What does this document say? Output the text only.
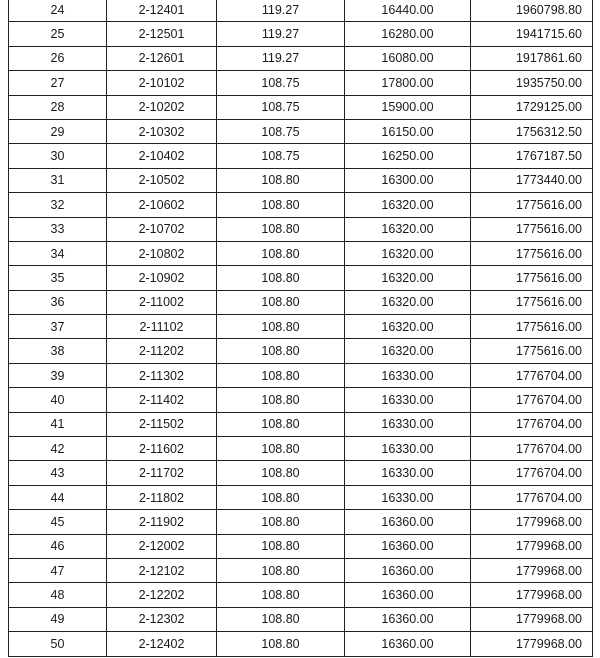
24	2-12401	119.27	16440.00	1960798.80
25	2-12501	119.27	16280.00	1941715.60
26	2-12601	119.27	16080.00	1917861.60
27	2-10102	108.75	17800.00	1935750.00
28	2-10202	108.75	15900.00	1729125.00
29	2-10302	108.75	16150.00	1756312.50
30	2-10402	108.75	16250.00	1767187.50
31	2-10502	108.80	16300.00	1773440.00
32	2-10602	108.80	16320.00	1775616.00
33	2-10702	108.80	16320.00	1775616.00
34	2-10802	108.80	16320.00	1775616.00
35	2-10902	108.80	16320.00	1775616.00
36	2-11002	108.80	16320.00	1775616.00
37	2-11102	108.80	16320.00	1775616.00
38	2-11202	108.80	16320.00	1775616.00
39	2-11302	108.80	16330.00	1776704.00
40	2-11402	108.80	16330.00	1776704.00
41	2-11502	108.80	16330.00	1776704.00
42	2-11602	108.80	16330.00	1776704.00
43	2-11702	108.80	16330.00	1776704.00
44	2-11802	108.80	16330.00	1776704.00
45	2-11902	108.80	16360.00	1779968.00
46	2-12002	108.80	16360.00	1779968.00
47	2-12102	108.80	16360.00	1779968.00
48	2-12202	108.80	16360.00	1779968.00
49	2-12302	108.80	16360.00	1779968.00
50	2-12402	108.80	16360.00	1779968.00
